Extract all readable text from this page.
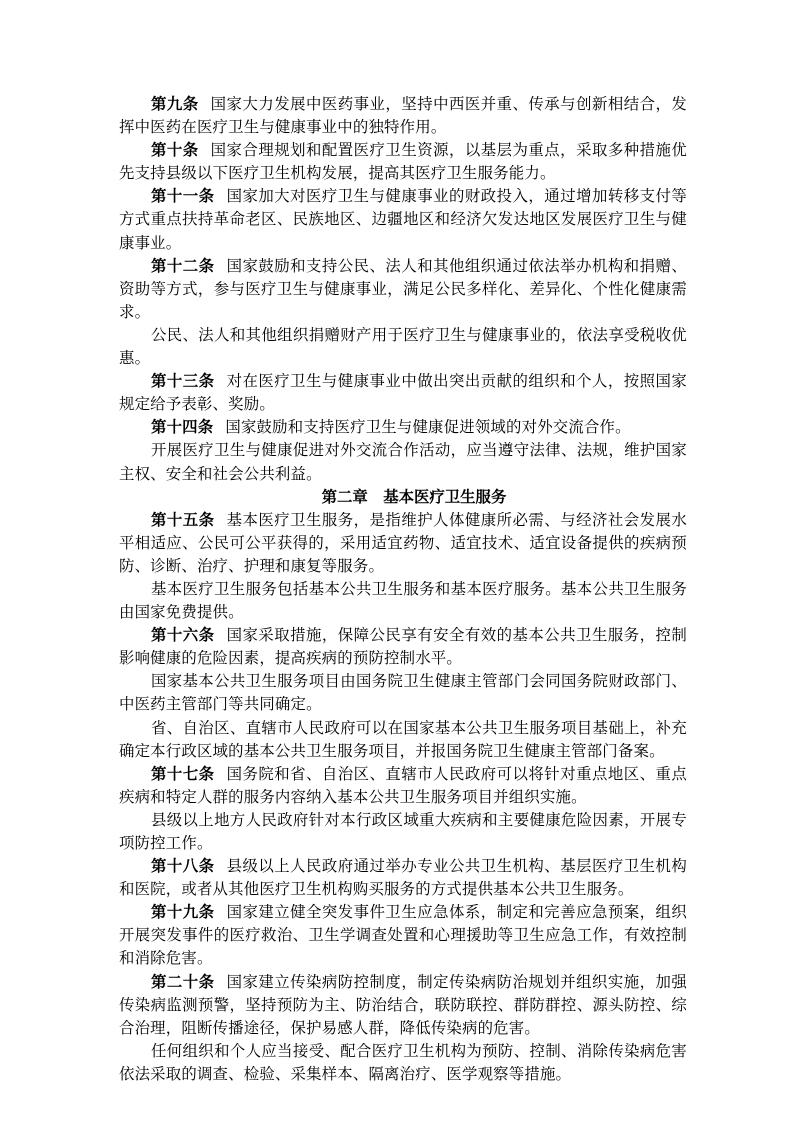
第九条 国家大力发展中医药事业，坚持中西医并重、传承与创新相结合，发挥中医药在医疗卫生与健康事业中的独特作用。

第十条 国家合理规划和配置医疗卫生资源，以基层为重点，采取多种措施优先支持县级以下医疗卫生机构发展，提高其医疗卫生服务能力。

第十一条 国家加大对医疗卫生与健康事业的财政投入，通过增加转移支付等方式重点扶持革命老区、民族地区、边疆地区和经济欠发达地区发展医疗卫生与健康事业。

第十二条 国家鼓励和支持公民、法人和其他组织通过依法举办机构和捐赠、资助等方式，参与医疗卫生与健康事业，满足公民多样化、差异化、个性化健康需求。

公民、法人和其他组织捐赠财产用于医疗卫生与健康事业的，依法享受税收优惠。

第十三条 对在医疗卫生与健康事业中做出突出贡献的组织和个人，按照国家规定给予表彰、奖励。

第十四条 国家鼓励和支持医疗卫生与健康促进领域的对外交流合作。

开展医疗卫生与健康促进对外交流合作活动，应当遵守法律、法规，维护国家主权、安全和社会公共利益。

第二章　基本医疗卫生服务

第十五条 基本医疗卫生服务，是指维护人体健康所必需、与经济社会发展水平相适应、公民可公平获得的，采用适宜药物、适宜技术、适宜设备提供的疾病预防、诊断、治疗、护理和康复等服务。

基本医疗卫生服务包括基本公共卫生服务和基本医疗服务。基本公共卫生服务由国家免费提供。

第十六条 国家采取措施，保障公民享有安全有效的基本公共卫生服务，控制影响健康的危险因素，提高疾病的预防控制水平。

国家基本公共卫生服务项目由国务院卫生健康主管部门会同国务院财政部门、中医药主管部门等共同确定。

省、自治区、直辖市人民政府可以在国家基本公共卫生服务项目基础上，补充确定本行政区域的基本公共卫生服务项目，并报国务院卫生健康主管部门备案。

第十七条 国务院和省、自治区、直辖市人民政府可以将针对重点地区、重点疾病和特定人群的服务内容纳入基本公共卫生服务项目并组织实施。

县级以上地方人民政府针对本行政区域重大疾病和主要健康危险因素，开展专项防控工作。

第十八条 县级以上人民政府通过举办专业公共卫生机构、基层医疗卫生机构和医院，或者从其他医疗卫生机构购买服务的方式提供基本公共卫生服务。

第十九条 国家建立健全突发事件卫生应急体系，制定和完善应急预案，组织开展突发事件的医疗救治、卫生学调查处置和心理援助等卫生应急工作，有效控制和消除危害。

第二十条 国家建立传染病防控制度，制定传染病防治规划并组织实施，加强传染病监测预警，坚持预防为主、防治结合，联防联控、群防群控、源头防控、综合治理，阻断传播途径，保护易感人群，降低传染病的危害。

任何组织和个人应当接受、配合医疗卫生机构为预防、控制、消除传染病危害依法采取的调查、检验、采集样本、隔离治疗、医学观察等措施。
